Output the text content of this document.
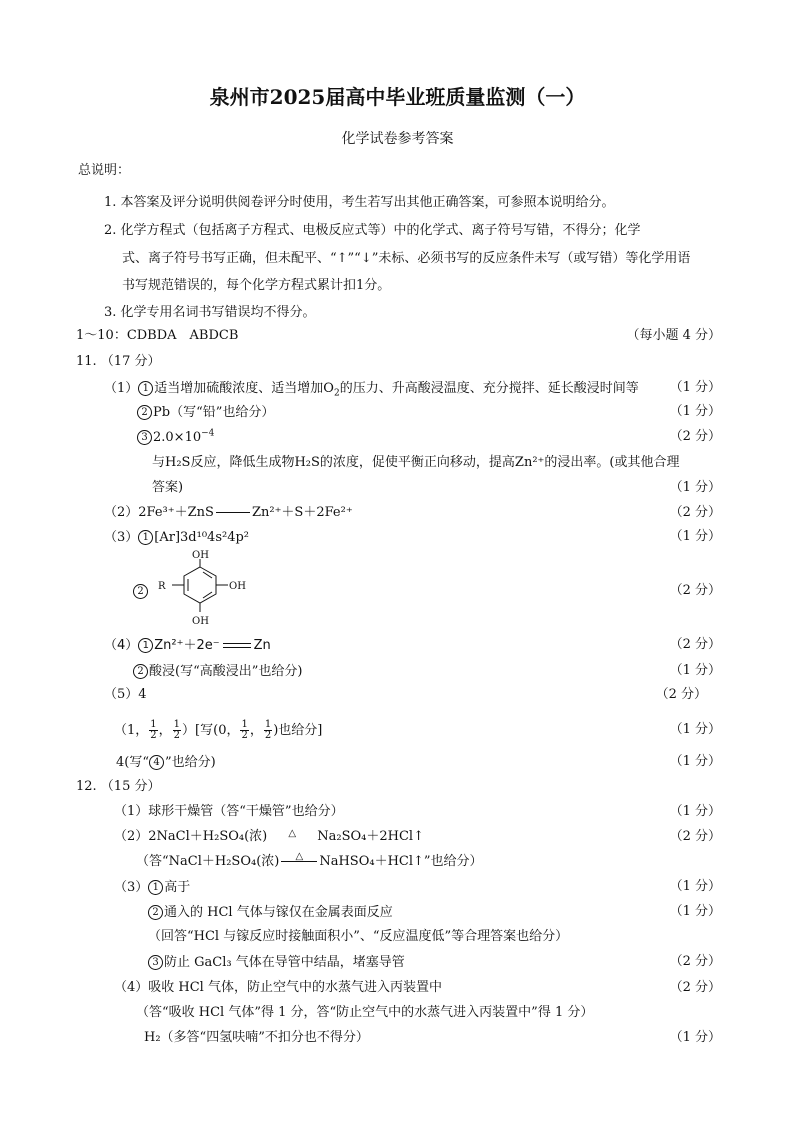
泉州市2025届高中毕业班质量监测（一）
化学试卷参考答案
总说明：
1. 本答案及评分说明供阅卷评分时使用，考生若写出其他正确答案，可参照本说明给分。
2. 化学方程式（包括离子方程式、电极反应式等）中的化学式、离子符号写错，不得分；化学
式、离子符号书写正确，但未配平、“↑”“↓”未标、必须书写的反应条件未写（或写错）等化学用语
书写规范错误的，每个化学方程式累计扣1分。
3. 化学专用名词书写错误均不得分。
1～10：CDBDA　ABDCB	（每小题 4 分）
11. （17 分）
（1） 1 适当增加硫酸浓度、适当增加$O_2$的压力、升高酸浸温度、充分搅拌、延长酸浸时间等 （1 分）
2 Pb（写“铅”也给分）	（1 分）
3 $2.0\times 10^{-4}$	（2 分）
与H₂S反应，降低生成物H₂S的浓度，促使平衡正向移动，提高Zn²⁺的浸出率。(或其他合理
答案)	（1 分）
（2）2Fe³⁺＋ZnS	Zn²⁺＋S＋2Fe²⁺	（2 分）
（3） 1 [Ar]3d¹⁰4s²4p²	（1 分）
2	R
OH
OH
OH
（2 分）
（4） 1 Zn²⁺＋2e⁻	Zn	（2 分）
2 酸浸(写“高酸浸出”也给分)	（1 分）
（5）4	（2 分）
（1， $\frac{1}{2}$ ， $\frac{1}{2}$ ）[写(0， $\frac{1}{2}$ ， $\frac{1}{2}$ )也给分]	（1 分）
4(写“ 4 ”也给分)	（1 分）
12. （15 分）
（1）球形干燥管（答“干燥管”也给分）	（1 分）
（2）2NaCl＋H₂SO₄(浓) △ Na₂SO₄＋2HCl↑	（2 分）
（答“NaCl＋H₂SO₄(浓) △ NaHSO₄＋HCl↑”也给分）
（3） 1 高于	（1 分）
2 通入的 HCl 气体与镓仅在金属表面反应	（1 分）
（回答“HCl 与镓反应时接触面积小”、“反应温度低”等合理答案也给分）
3 防止 GaCl₃ 气体在导管中结晶，堵塞导管	（2 分）
（4）吸收 HCl 气体，防止空气中的水蒸气进入丙装置中	（2 分）
（答“吸收 HCl 气体”得 1 分，答“防止空气中的水蒸气进入丙装置中”得 1 分）
H₂（多答“四氢呋喃”不扣分也不得分）	（1 分）
